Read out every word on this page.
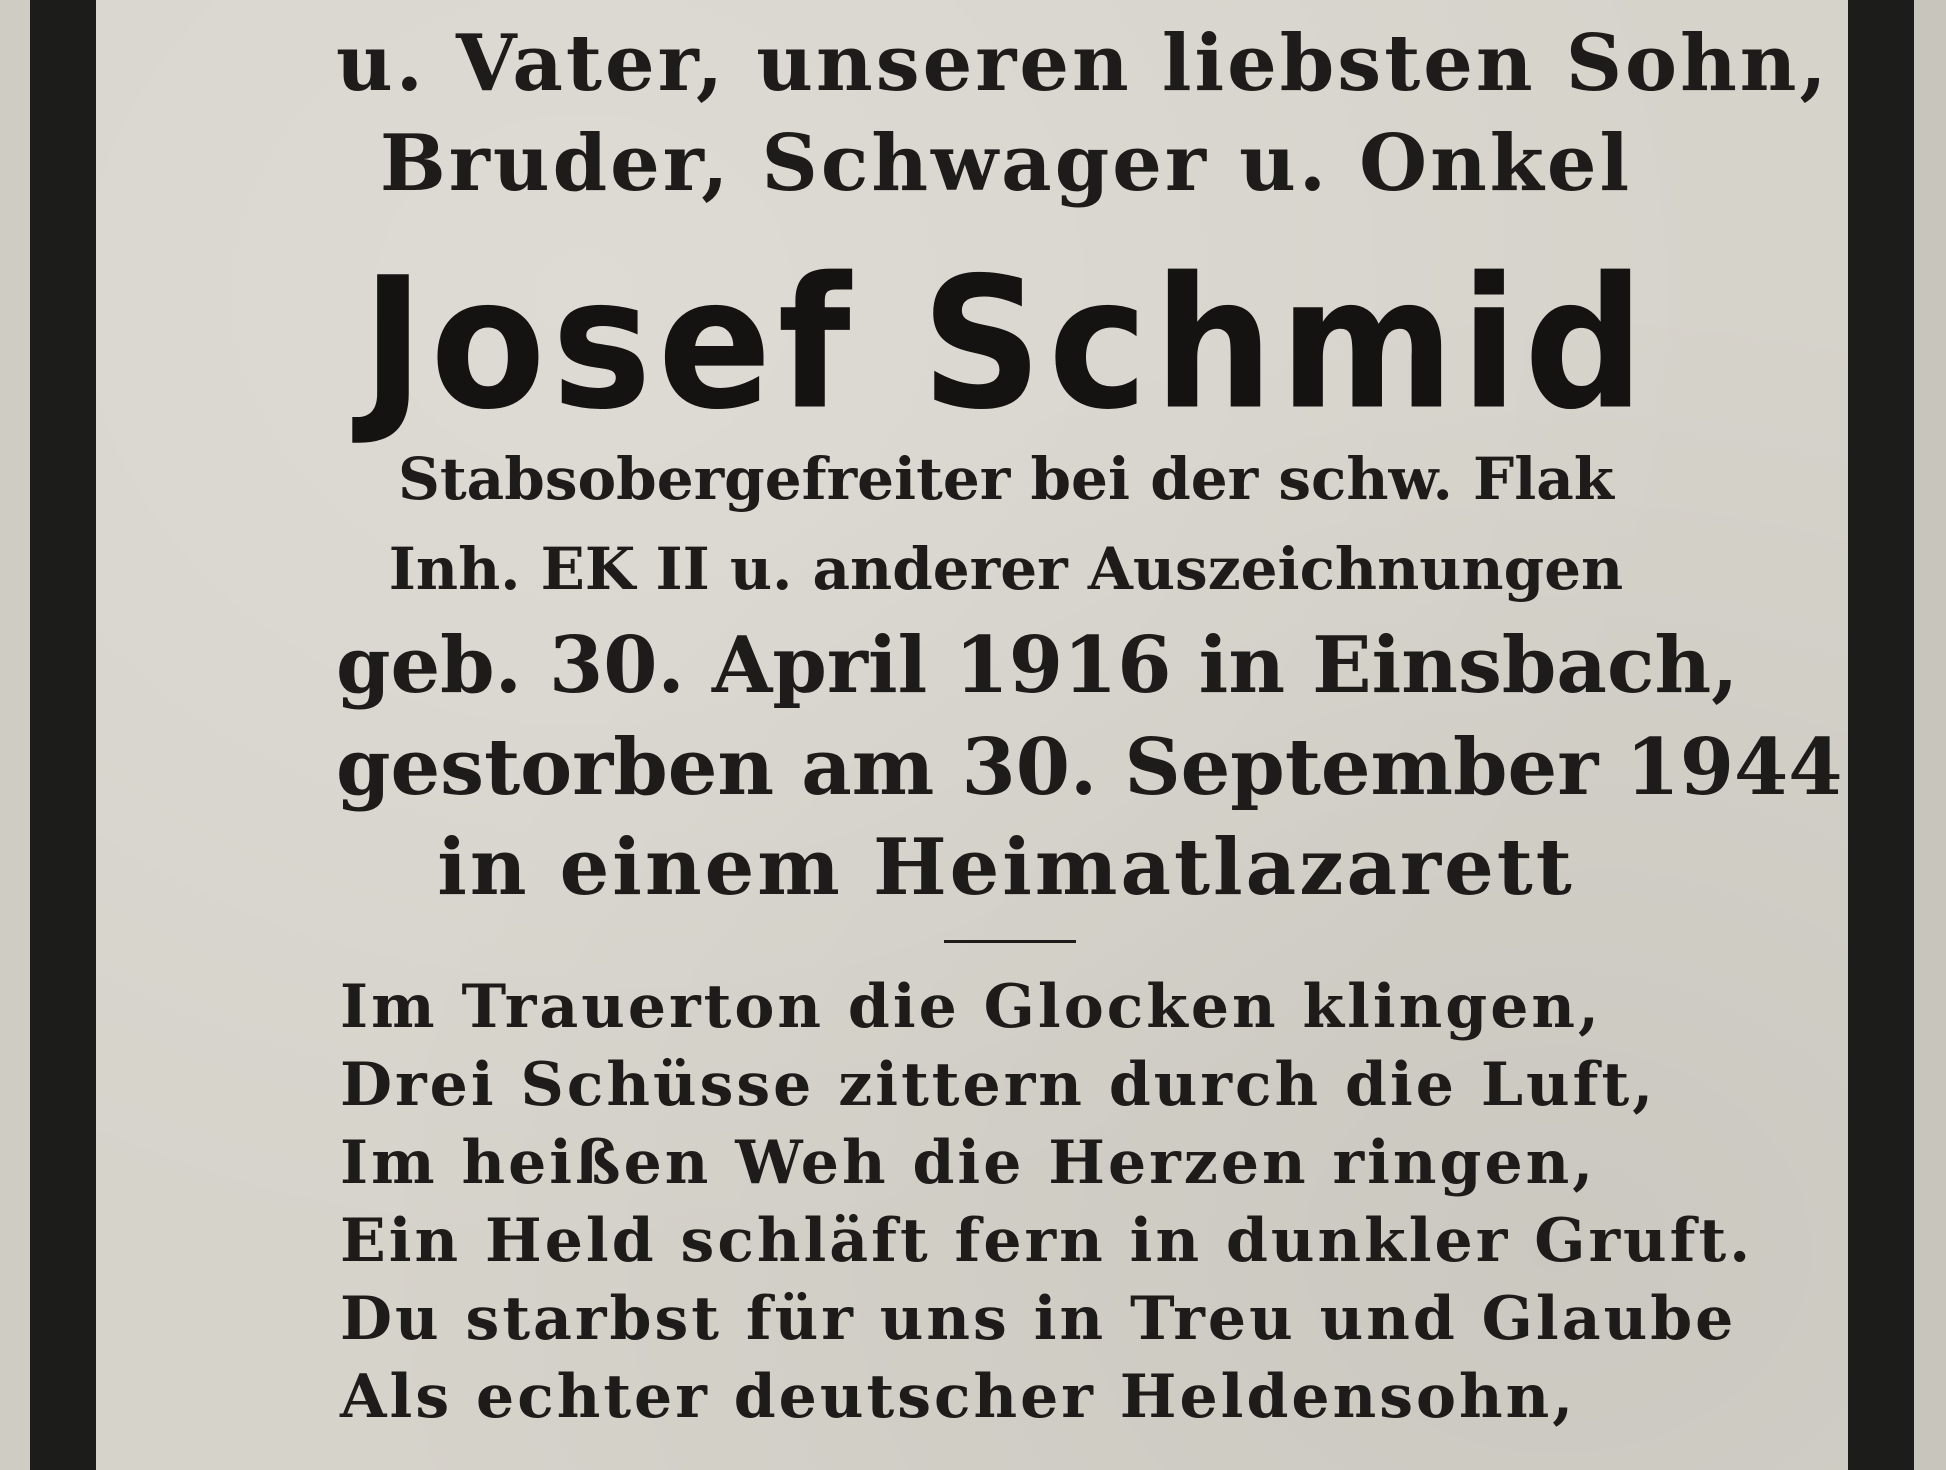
u. Vater, unseren liebsten Sohn,
Bruder, Schwager u. Onkel
Josef Schmid
Stabsobergefreiter bei der schw. Flak
Inh. EK II u. anderer Auszeichnungen
geb. 30. April 1916 in Einsbach,
gestorben am 30. September 1944
in einem Heimatlazarett
Im Trauerton die Glocken klingen,
Drei Schüsse zittern durch die Luft,
Im heißen Weh die Herzen ringen,
Ein Held schläft fern in dunkler Gruft.
Du starbst für uns in Treu und Glaube
Als echter deutscher Heldensohn,
